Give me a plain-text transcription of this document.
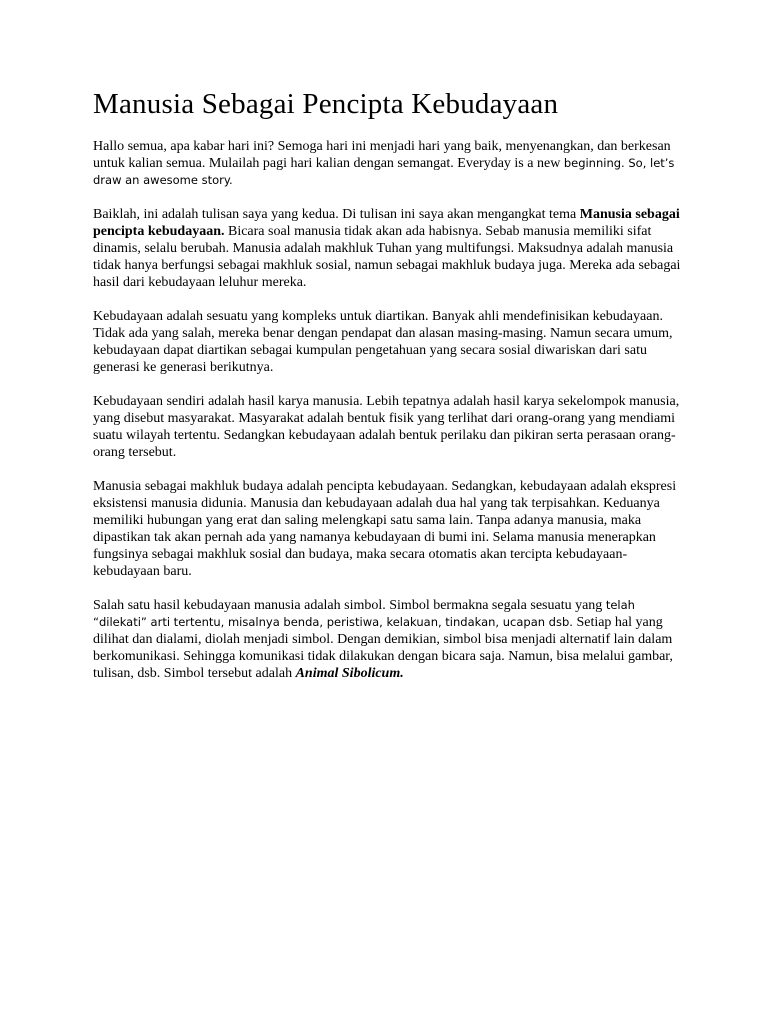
Manusia Sebagai Pencipta Kebudayaan

Hallo semua, apa kabar hari ini? Semoga hari ini menjadi hari yang baik, menyenangkan, dan berkesan untuk kalian semua. Mulailah pagi hari kalian dengan semangat. Everyday is a new beginning. So, let’s draw an awesome story.

Baiklah, ini adalah tulisan saya yang kedua. Di tulisan ini saya akan mengangkat tema Manusia sebagai pencipta kebudayaan. Bicara soal manusia tidak akan ada habisnya. Sebab manusia memiliki sifat dinamis, selalu berubah. Manusia adalah makhluk Tuhan yang multifungsi. Maksudnya adalah manusia tidak hanya berfungsi sebagai makhluk sosial, namun sebagai makhluk budaya juga. Mereka ada sebagai hasil dari kebudayaan leluhur mereka.

Kebudayaan adalah sesuatu yang kompleks untuk diartikan. Banyak ahli mendefinisikan kebudayaan. Tidak ada yang salah, mereka benar dengan pendapat dan alasan masing-masing. Namun secara umum, kebudayaan dapat diartikan sebagai kumpulan pengetahuan yang secara sosial diwariskan dari satu generasi ke generasi berikutnya.

Kebudayaan sendiri adalah hasil karya manusia. Lebih tepatnya adalah hasil karya sekelompok manusia, yang disebut masyarakat. Masyarakat adalah bentuk fisik yang terlihat dari orang-orang yang mendiami suatu wilayah tertentu. Sedangkan kebudayaan adalah bentuk perilaku dan pikiran serta perasaan orang-orang tersebut.

Manusia sebagai makhluk budaya adalah pencipta kebudayaan. Sedangkan, kebudayaan adalah ekspresi eksistensi manusia didunia. Manusia dan kebudayaan adalah dua hal yang tak terpisahkan. Keduanya memiliki hubungan yang erat dan saling melengkapi satu sama lain. Tanpa adanya manusia, maka dipastikan tak akan pernah ada yang namanya kebudayaan di bumi ini. Selama manusia menerapkan fungsinya sebagai makhluk sosial dan budaya, maka secara otomatis akan tercipta kebudayaan-kebudayaan baru.

Salah satu hasil kebudayaan manusia adalah simbol. Simbol bermakna segala sesuatu yang telah “dilekati” arti tertentu, misalnya benda, peristiwa, kelakuan, tindakan, ucapan dsb. Setiap hal yang dilihat dan dialami, diolah menjadi simbol. Dengan demikian, simbol bisa menjadi alternatif lain dalam berkomunikasi. Sehingga komunikasi tidak dilakukan dengan bicara saja. Namun, bisa melalui gambar, tulisan, dsb. Simbol tersebut adalah Animal Sibolicum.
